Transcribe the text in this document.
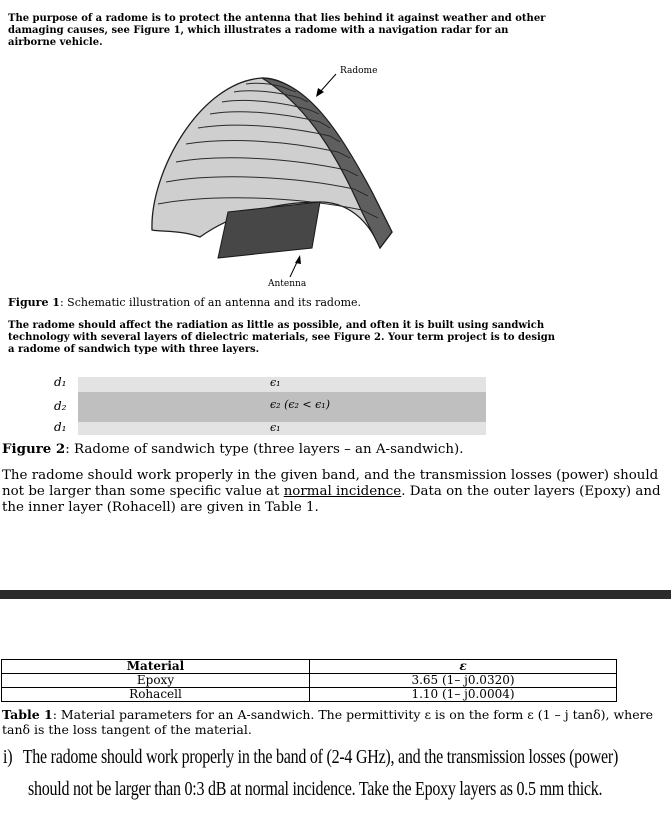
The purpose of a radome is to protect the antenna that lies behind it against weather and other damaging causes, see Figure 1, which illustrates a radome with a navigation radar for an airborne vehicle.
Radome
Antenna
Figure 1: Schematic illustration of an antenna and its radome.
The radome should affect the radiation as little as possible, and often it is built using sandwich technology with several layers of dielectric materials, see Figure 2. Your term project is to design a radome of sandwich type with three layers.
d₁
d₂
d₁
ϵ₁
ϵ₂ (ϵ₂ < ϵ₁)
ϵ₁
Figure 2: Radome of sandwich type (three layers – an A-sandwich).
The radome should work properly in the given band, and the transmission losses (power) should not be larger than some specific value at normal incidence. Data on the outer layers (Epoxy) and the inner layer (Rohacell) are given in Table 1.
Material	ε
Epoxy	3.65 (1– j0.0320)
Rohacell	1.10 (1– j0.0004)
Table 1: Material parameters for an A-sandwich. The permittivity ε is on the form ε (1 – j tanδ), where tanδ is the loss tangent of the material.
i) The radome should work properly in the band of (2-4 GHz), and the transmission losses (power)
should not be larger than 0:3 dB at normal incidence. Take the Epoxy layers as 0.5 mm thick.
